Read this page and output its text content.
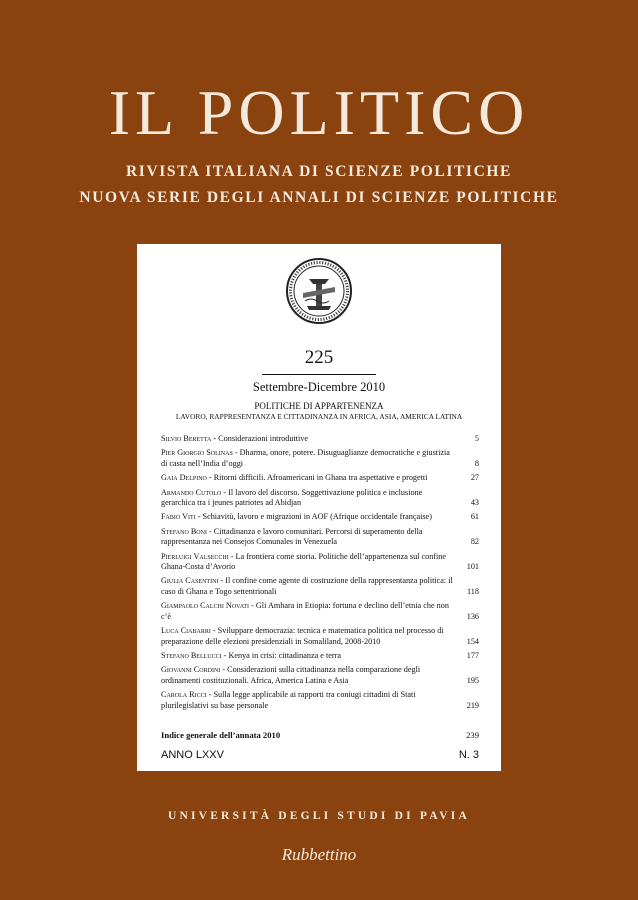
IL POLITICO
RIVISTA ITALIANA DI SCIENZE POLITICHE
NUOVA SERIE DEGLI ANNALI DI SCIENZE POLITICHE
225
Settembre-Dicembre 2010
POLITICHE DI APPARTENENZA
LAVORO, RAPPRESENTANZA E CITTADINANZA IN AFRICA, ASIA, AMERICA LATINA
Silvio Beretta - Considerazioni introduttive	5
Pier Giorgio Solinas - Dharma, onore, potere. Disuguaglianze democratiche e giustizia di casta nell’India d’oggi	8
Gaia Delpino - Ritorni difficili. Afroamericani in Ghana tra aspettative e progetti	27
Armando Cutolo - Il lavoro del discorso. Soggettivazione politica e inclusione gerarchica tra i jeunes patriotes ad Abidjan	43
Fabio Viti - Schiavitù, lavoro e migrazioni in AOF (Afrique occidentale française)	61
Stefano Boni - Cittadinanza e lavoro comunitari. Percorsi di superamento della rappresentanza nei Consejos Comunales in Venezuela	82
Pierluigi Valsecchi - La frontiera come storia. Politiche dell’appartenenza sul confine Ghana-Costa d’Avorio	101
Giulia Casentini - Il confine come agente di costruzione della rappresentanza politica: il caso di Ghana e Togo settentrionali	118
Giampaolo Calchi Novati - Gli Amhara in Etiopia: fortuna e declino dell’etnia che non c’è	136
Luca Ciabarri - Sviluppare democrazia: tecnica e matematica politica nel processo di preparazione delle elezioni presidenziali in Somaliland, 2008-2010	154
Stefano Bellucci - Kenya in crisi: cittadinanza e terra	177
Giovanni Cordini - Considerazioni sulla cittadinanza nella comparazione degli ordinamenti costituzionali. Africa, America Latina e Asia	195
Carola Ricci - Sulla legge applicabile ai rapporti tra coniugi cittadini di Stati plurilegislativi su base personale	219
Indice generale dell’annata 2010	239
ANNO LXXV	N. 3
UNIVERSITÀ DEGLI STUDI DI PAVIA
Rubbettino
